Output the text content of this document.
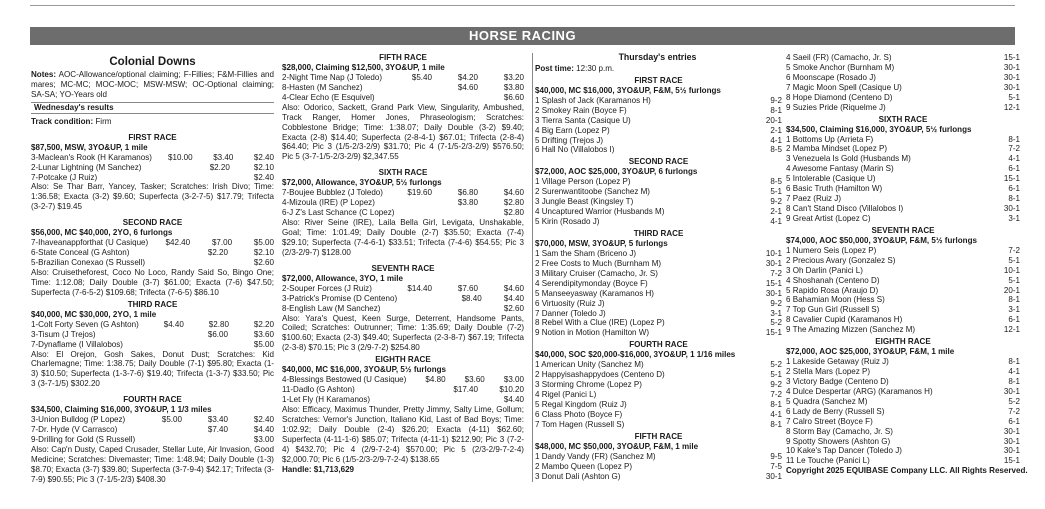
HORSE RACING
Colonial Downs
Notes: AOC-Allowance/optional claiming; F-Fillies; F&M-Fillies and mares; MC-MC; MOC-MOC; MSW-MSW; OC-Optional claiming; SA-SA; YO-Years old
Wednesday's results
Track condition: Firm
FIRST RACE
$87,500, MSW, 3YO&UP, 1 mile
3-Maclean's Rook (H Karamanos)	$10.00	$3.40	$2.40
2-Lunar Lightning (M Sanchez)	$2.20	$2.10
7-Potcake (J Ruiz)	$2.40
Also: Se Thar Barr, Yancey, Tasker; Scratches: Irish Divo; Time: 1:36.58; Exacta (3-2) $9.60; Superfecta (3-2-7-5) $17.79; Trifecta (3-2-7) $19.45
SECOND RACE
$56,000, MC $40,000, 2YO, 6 furlongs
7-Ihaveanappforthat (U Casique)	$42.40	$7.00	$5.00
6-State Conceal (G Ashton)	$2.20	$2.10
5-Brazilian Conexao (S Russell)	$2.60
Also: Cruisetheforest, Coco No Loco, Randy Said So, Bingo One; Time: 1:12.08; Daily Double (3-7) $61.00; Exacta (7-6) $47.50; Superfecta (7-6-5-2) $109.68; Trifecta (7-6-5) $86.10
THIRD RACE
$40,000, MC $30,000, 2YO, 1 mile
1-Colt Forty Seven (G Ashton)	$4.40	$2.80	$2.20
3-Tisum (J Trejos)	$6.00	$3.60
7-Dynaflame (I Villalobos)	$5.00
Also: El Orejon, Gosh Sakes, Donut Dust; Scratches: Kid Charlemagne; Time: 1:38.75; Daily Double (7-1) $95.80; Exacta (1-3) $10.50; Superfecta (1-3-7-6) $19.40; Trifecta (1-3-7) $33.50; Pic 3 (3-7-1/5) $302.20
FOURTH RACE
$34,500, Claiming $16,000, 3YO&UP, 1 1/3 miles
3-Union Bulldog (P Lopez)	$5.00	$3.40	$2.40
7-Dr. Hyde (V Carrasco)	$7.40	$4.40
9-Drilling for Gold (S Russell)	$3.00
Also: Cap'n Dusty, Caped Crusader, Stellar Lute, Air Invasion, Good Medicine; Scratches: Divemaster; Time: 1:48.94; Daily Double (1-3) $8.70; Exacta (3-7) $39.80; Superfecta (3-7-9-4) $42.17; Trifecta (3-7-9) $90.55; Pic 3 (7-1/5-2/3) $408.30
FIFTH RACE
$28,000, Claiming $12,500, 3YO&UP, 1 mile
2-Night Time Nap (J Toledo)	$5.40	$4.20	$3.20
8-Hasten (M Sanchez)	$4.60	$3.80
4-Clear Echo (E Esquivel)	$6.60
Also: Odorico, Sackett, Grand Park View, Singularity, Ambushed, Track Ranger, Homer Jones, Phraseologism; Scratches: Cobblestone Bridge; Time: 1:38.07; Daily Double (3-2) $9.40; Exacta (2-8) $14.40; Superfecta (2-8-4-1) $67.01; Trifecta (2-8-4) $64.40; Pic 3 (1/5-2/3-2/9) $31.70; Pic 4 (7-1/5-2/3-2/9) $576.50; Pic 5 (3-7-1/5-2/3-2/9) $2,347.55
SIXTH RACE
$72,000, Allowance, 3YO&UP, 5½ furlongs
7-Boujee Bubblez (J Toledo)	$19.60	$6.80	$4.60
4-Mizoula (IRE) (P Lopez)	$3.80	$2.80
6-J Z's Last Schance (C Lopez)	$2.80
Also: River Seine (IRE), Laila Bella Girl, Levigata, Unshakable, Goal; Time: 1:01.49; Daily Double (2-7) $35.50; Exacta (7-4) $29.10; Superfecta (7-4-6-1) $33.51; Trifecta (7-4-6) $54.55; Pic 3 (2/3-2/9-7) $128.00
SEVENTH RACE
$72,000, Allowance, 3YO, 1 mile
2-Souper Forces (J Ruiz)	$14.40	$7.60	$4.60
3-Patrick's Promise (D Centeno)	$8.40	$4.40
8-English Law (M Sanchez)	$2.60
Also: Yara's Quest, Keen Surge, Deterrent, Handsome Pants, Coiled; Scratches: Outrunner; Time: 1:35.69; Daily Double (7-2) $100.60; Exacta (2-3) $49.40; Superfecta (2-3-8-7) $67.19; Trifecta (2-3-8) $70.15; Pic 3 (2/9-7-2) $254.80
EIGHTH RACE
$40,000, MC $16,000, 3YO&UP, 5½ furlongs
4-Blessings Bestowed (U Casique)	$4.80	$3.60	$3.00
11-Dadlo (G Ashton)	$17.40	$10.20
1-Let Fly (H Karamanos)	$4.40
Also: Efficacy, Maximus Thunder, Pretty Jimmy, Salty Lime, Gollum; Scratches: Vernor's Junction, Italiano Kid, Last of Bad Boys; Time: 1:02.92; Daily Double (2-4) $26.20; Exacta (4-11) $62.60; Superfecta (4-11-1-6) $85.07; Trifecta (4-11-1) $212.90; Pic 3 (7-2-4) $432.70; Pic 4 (2/9-7-2-4) $570.00; Pic 5 (2/3-2/9-7-2-4) $2,000.70; Pic 6 (1/5-2/3-2/9-7-2-4) $138.65
Handle: $1,713,629
Thursday's entries
Post time: 12:30 p.m.
FIRST RACE
$40,000, MC $16,000, 3YO&UP, F&M, 5½ furlongs
1 Splash of Jack (Karamanos H)	9-2
2 Smokey Rain (Boyce F)	8-1
3 Tierra Santa (Casique U)	20-1
4 Big Earn (Lopez P)	2-1
5 Drifting (Trejos J)	4-1
6 Hall No (Villalobos I)	8-5
SECOND RACE
$72,000, AOC $25,000, 3YO&UP, 6 furlongs
1 Village Person (Lopez P)	8-5
2 Surenwantitoobe (Sanchez M)	5-1
3 Jungle Beast (Kingsley T)	9-2
4 Uncaptured Warrior (Husbands M)	2-1
5 Kirin (Rosado J)	4-1
THIRD RACE
$70,000, MSW, 3YO&UP, 5 furlongs
1 Sam the Sham (Briceno J)	10-1
2 Free Costs to Much (Burnham M)	30-1
3 Military Cruiser (Camacho, Jr. S)	7-2
4 Serendipitymonday (Boyce F)	15-1
5 Manseeyasway (Karamanos H)	30-1
6 Virtuosity (Ruiz J)	9-2
7 Danner (Toledo J)	3-1
8 Rebel With a Clue (IRE) (Lopez P)	5-2
9 Notion in Motion (Hamilton W)	15-1
FOURTH RACE
$40,000, SOC $20,000-$16,000, 3YO&UP, 1 1/16 miles
1 American Unity (Sanchez M)	5-2
2 Happyisashappydoes (Centeno D)	5-1
3 Storming Chrome (Lopez P)	9-2
4 Rigel (Panici L)	7-2
5 Regal Kingdom (Ruiz J)	8-1
6 Class Photo (Boyce F)	4-1
7 Tom Hagen (Russell S)	8-1
FIFTH RACE
$48,000, MC $50,000, 3YO&UP, F&M, 1 mile
1 Dandy Vandy (FR) (Sanchez M)	9-5
2 Mambo Queen (Lopez P)	7-5
3 Donut Dali (Ashton G)	30-1
4 Saeil (FR) (Camacho, Jr. S)	15-1
5 Smoke Anchor (Burnham M)	30-1
6 Moonscape (Rosado J)	30-1
7 Magic Moon Spell (Casique U)	30-1
8 Hope Diamond (Centeno D)	5-1
9 Suzies Pride (Riquelme J)	12-1
SIXTH RACE
$34,500, Claiming $16,000, 3YO&UP, 5½ furlongs
1 Bottoms Up (Arrieta F)	8-1
2 Mamba Mindset (Lopez P)	7-2
3 Venezuela Is Gold (Husbands M)	4-1
4 Awesome Fantasy (Marin S)	6-1
5 Intolerable (Casique U)	15-1
6 Basic Truth (Hamilton W)	6-1
7 Paez (Ruiz J)	8-1
8 Can't Stand Disco (Villalobos I)	30-1
9 Great Artist (Lopez C)	3-1
SEVENTH RACE
$74,000, AOC $50,000, 3YO&UP, F&M, 5½ furlongs
1 Numero Seis (Lopez P)	7-2
2 Precious Avary (Gonzalez S)	5-1
3 Oh Darlin (Panici L)	10-1
4 Shoshanah (Centeno D)	5-1
5 Rapido Rosa (Araujo D)	20-1
6 Bahamian Moon (Hess S)	8-1
7 Top Gun Girl (Russell S)	3-1
8 Cavalier Cupid (Karamanos H)	6-1
9 The Amazing Mizzen (Sanchez M)	12-1
EIGHTH RACE
$72,000, AOC $25,000, 3YO&UP, F&M, 1 mile
1 Lakeside Getaway (Ruiz J)	8-1
2 Stella Mars (Lopez P)	4-1
3 Victory Badge (Centeno D)	8-1
4 Dulce Despertar (ARG) (Karamanos H)	30-1
5 Quadra (Sanchez M)	5-2
6 Lady de Berry (Russell S)	7-2
7 Calro Street (Boyce F)	6-1
8 Storm Bay (Camacho, Jr. S)	30-1
9 Spotty Showers (Ashton G)	30-1
10 Kake's Tap Dancer (Toledo J)	30-1
11 Le Touche (Panici L)	15-1
Copyright 2025 EQUIBASE Company LLC. All Rights Reserved.
